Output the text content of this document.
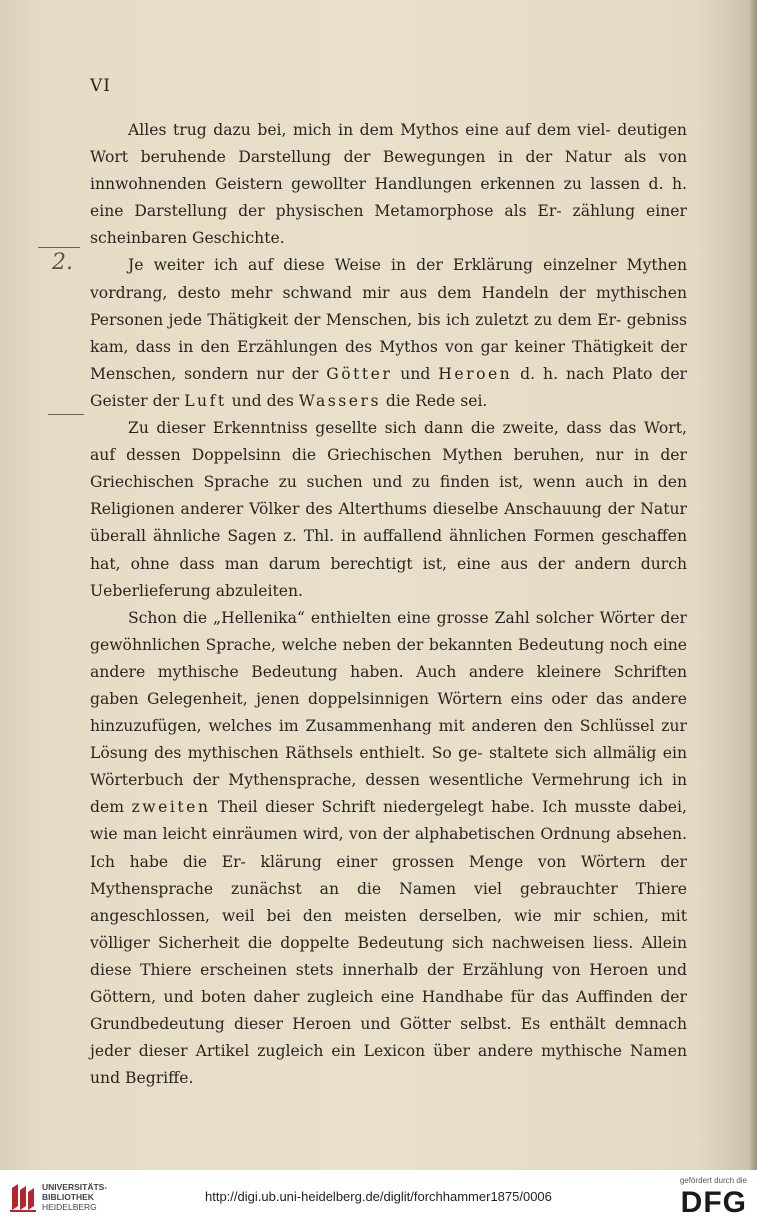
VI
2.

Alles trug dazu bei, mich in dem Mythos eine auf dem viel- deutigen Wort beruhende Darstellung der Bewegungen in der Natur als von innwohnenden Geistern gewollter Handlungen erkennen zu lassen d. h. eine Darstellung der physischen Metamorphose als Er- zählung einer scheinbaren Geschichte.

Je weiter ich auf diese Weise in der Erklärung einzelner Mythen vordrang, desto mehr schwand mir aus dem Handeln der mythischen Personen jede Thätigkeit der Menschen, bis ich zuletzt zu dem Er- gebniss kam, dass in den Erzählungen des Mythos von gar keiner Thätigkeit der Menschen, sondern nur der Götter und Heroen d. h. nach Plato der Geister der Luft und des Wassers die Rede sei.

Zu dieser Erkenntniss gesellte sich dann die zweite, dass das Wort, auf dessen Doppelsinn die Griechischen Mythen beruhen, nur in der Griechischen Sprache zu suchen und zu finden ist, wenn auch in den Religionen anderer Völker des Alterthums dieselbe Anschauung der Natur überall ähnliche Sagen z. Thl. in auffallend ähnlichen Formen geschaffen hat, ohne dass man darum berechtigt ist, eine aus der andern durch Ueberlieferung abzuleiten.

Schon die „Hellenika“ enthielten eine grosse Zahl solcher Wörter der gewöhnlichen Sprache, welche neben der bekannten Bedeutung noch eine andere mythische Bedeutung haben. Auch andere kleinere Schriften gaben Gelegenheit, jenen doppelsinnigen Wörtern eins oder das andere hinzuzufügen, welches im Zusammenhang mit anderen den Schlüssel zur Lösung des mythischen Räthsels enthielt. So ge- staltete sich allmälig ein Wörterbuch der Mythensprache, dessen wesentliche Vermehrung ich in dem zweiten Theil dieser Schrift niedergelegt habe. Ich musste dabei, wie man leicht einräumen wird, von der alphabetischen Ordnung absehen. Ich habe die Er- klärung einer grossen Menge von Wörtern der Mythensprache zunächst an die Namen viel gebrauchter Thiere angeschlossen, weil bei den meisten derselben, wie mir schien, mit völliger Sicherheit die doppelte Bedeutung sich nachweisen liess. Allein diese Thiere erscheinen stets innerhalb der Erzählung von Heroen und Göttern, und boten daher zugleich eine Handhabe für das Auffinden der Grundbedeutung dieser Heroen und Götter selbst. Es enthält demnach jeder dieser Artikel zugleich ein Lexicon über andere mythische Namen und Begriffe.

UNIVERSITÄTS-
BIBLIOTHEK
HEIDELBERG
http://digi.ub.uni-heidelberg.de/diglit/forchhammer1875/0006
gefördert durch die
DFG
